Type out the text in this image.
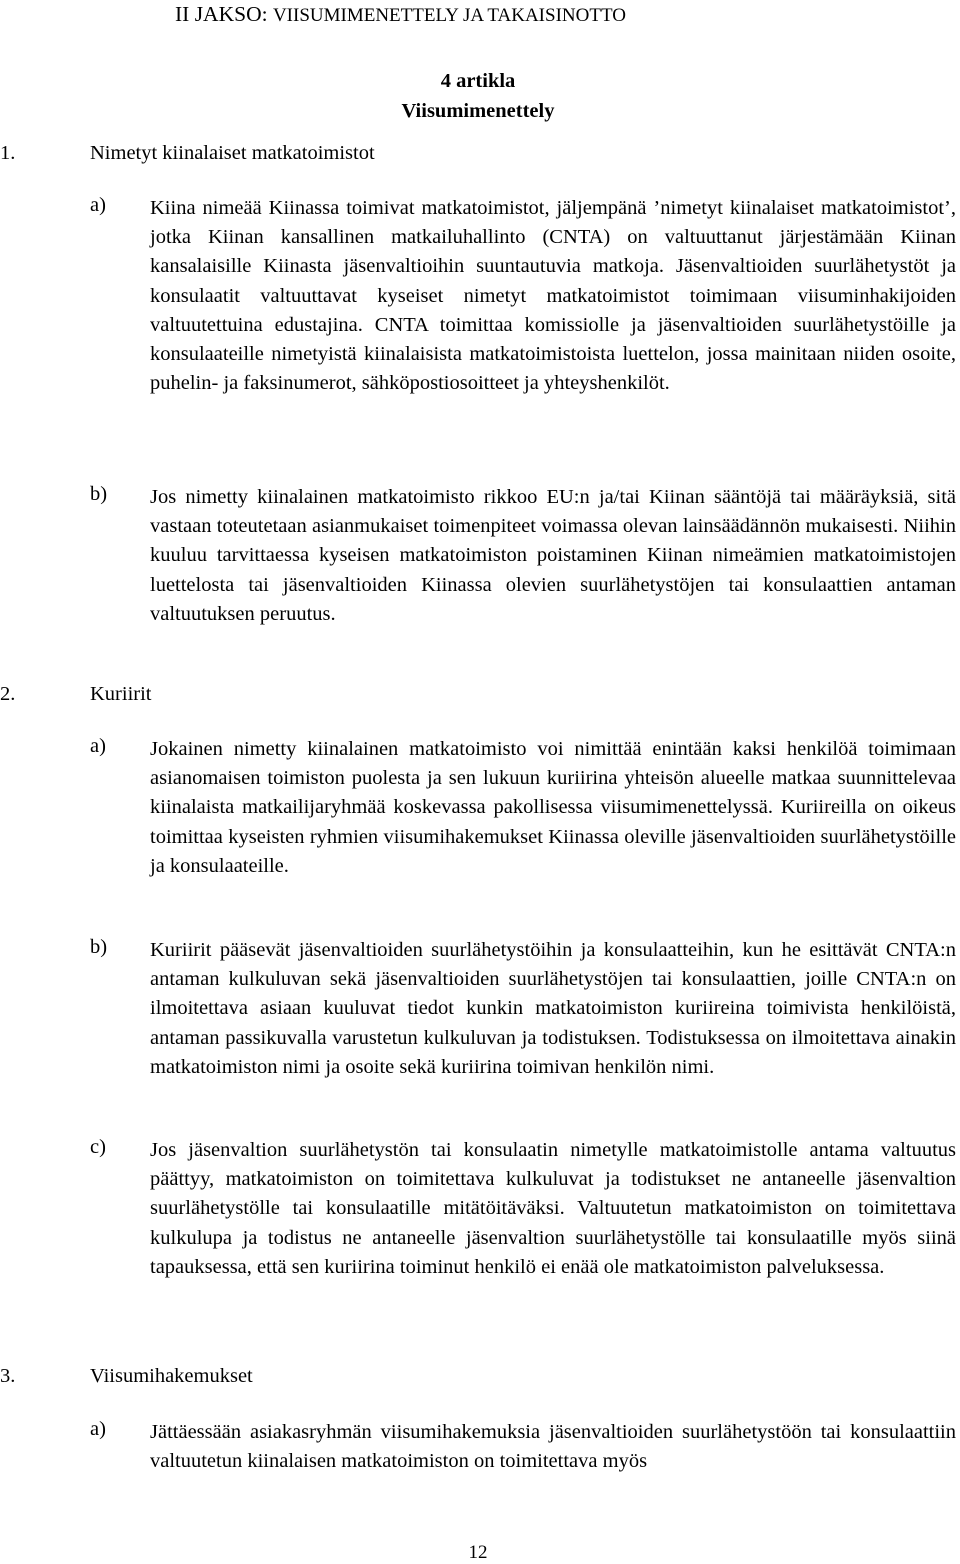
II JAKSO: VIISUMIMENETTELY JA TAKAISINOTTO
4 artikla
Viisumimenettely
1.	Nimetyt kiinalaiset matkatoimistot
a) Kiina nimeää Kiinassa toimivat matkatoimistot, jäljempänä ’nimetyt kiinalaiset matkatoimistot’, jotka Kiinan kansallinen matkailuhallinto (CNTA) on valtuuttanut järjestämään Kiinan kansalaisille Kiinasta jäsenvaltioihin suuntautuvia matkoja. Jäsenvaltioiden suurlähetystöt ja konsulaatit valtuuttavat kyseiset nimetyt matkatoimistot toimimaan viisuminhakijoiden valtuutettuina edustajina. CNTA toimittaa komissiolle ja jäsenvaltioiden suurlähetystöille ja konsulaateille nimetyistä kiinalaisista matkatoimistoista luettelon, jossa mainitaan niiden osoite, puhelin- ja faksinumerot, sähköpostiosoitteet ja yhteyshenkilöt.

b) Jos nimetty kiinalainen matkatoimisto rikkoo EU:n ja/tai Kiinan sääntöjä tai määräyksiä, sitä vastaan toteutetaan asianmukaiset toimenpiteet voimassa olevan lainsäädännön mukaisesti. Niihin kuuluu tarvittaessa kyseisen matkatoimiston poistaminen Kiinan nimeämien matkatoimistojen luettelosta tai jäsenvaltioiden Kiinassa olevien suurlähetystöjen tai konsulaattien antaman valtuutuksen peruutus.

2.	Kuriirit
a) Jokainen nimetty kiinalainen matkatoimisto voi nimittää enintään kaksi henkilöä toimimaan asianomaisen toimiston puolesta ja sen lukuun kuriirina yhteisön alueelle matkaa suunnittelevaa kiinalaista matkailijaryhmää koskevassa pakollisessa viisumimenettelyssä. Kuriireilla on oikeus toimittaa kyseisten ryhmien viisumihakemukset Kiinassa oleville jäsenvaltioiden suurlähetystöille ja konsulaateille.

b) Kuriirit pääsevät jäsenvaltioiden suurlähetystöihin ja konsulaatteihin, kun he esittävät CNTA:n antaman kulkuluvan sekä jäsenvaltioiden suurlähetystöjen tai konsulaattien, joille CNTA:n on ilmoitettava asiaan kuuluvat tiedot kunkin matkatoimiston kuriireina toimivista henkilöistä, antaman passikuvalla varustetun kulkuluvan ja todistuksen. Todistuksessa on ilmoitettava ainakin matkatoimiston nimi ja osoite sekä kuriirina toimivan henkilön nimi.

c) Jos jäsenvaltion suurlähetystön tai konsulaatin nimetylle matkatoimistolle antama valtuutus päättyy, matkatoimiston on toimitettava kulkuluvat ja todistukset ne antaneelle jäsenvaltion suurlähetystölle tai konsulaatille mitätöitäväksi. Valtuutetun matkatoimiston on toimitettava kulkulupa ja todistus ne antaneelle jäsenvaltion suurlähetystölle tai konsulaatille myös siinä tapauksessa, että sen kuriirina toiminut henkilö ei enää ole matkatoimiston palveluksessa.

3.	Viisumihakemukset
a) Jättäessään asiakasryhmän viisumihakemuksia jäsenvaltioiden suurlähetystöön tai konsulaattiin valtuutetun kiinalaisen matkatoimiston on toimitettava myös

12
